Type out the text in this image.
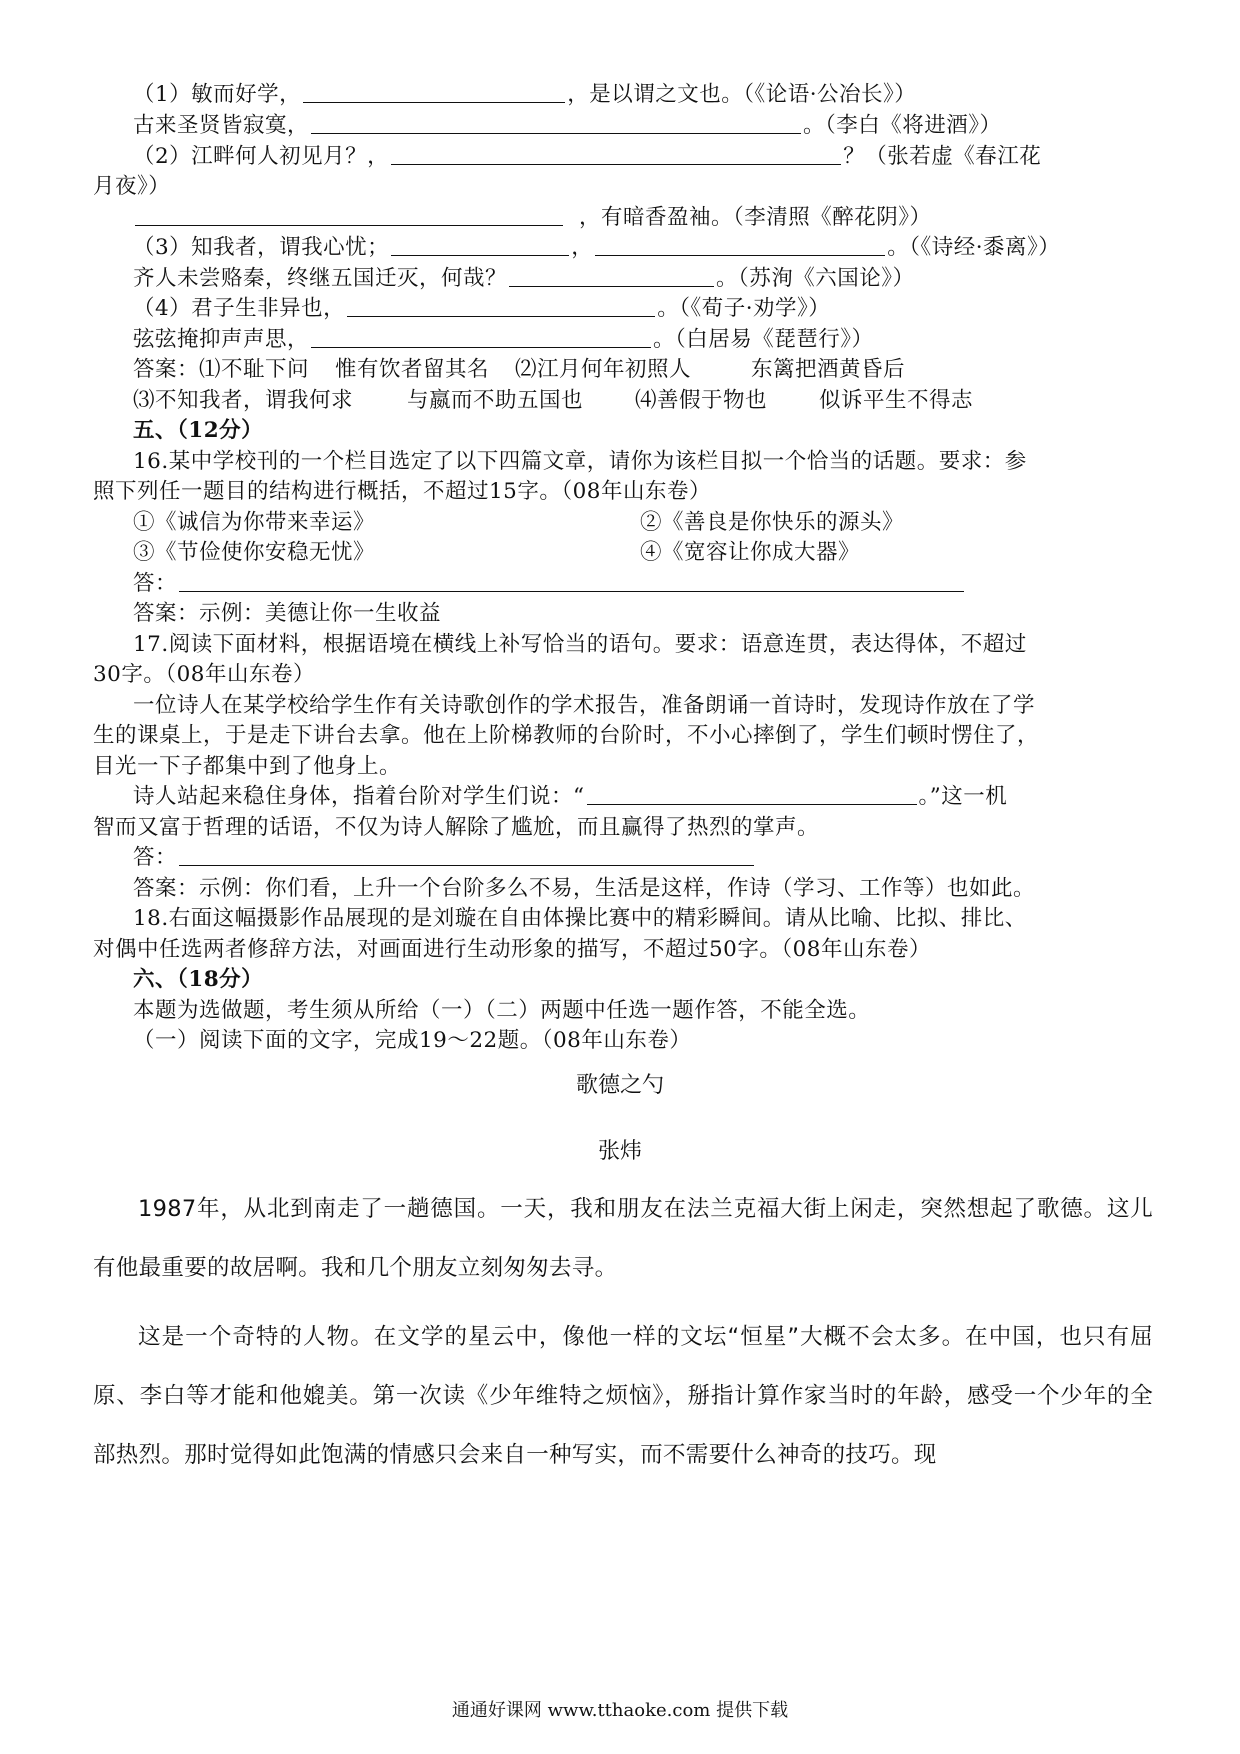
（1）敏而好学，	，是以谓之文也。（《论语·公冶长》）
古来圣贤皆寂寞，	。（李白《将进酒》）
（2）江畔何人初见月？，	？（张若虚《春江花
月夜》）
，有暗香盈袖。（李清照《醉花阴》）
（3）知我者，谓我心忧；	，	。（《诗经·黍离》）
齐人未尝赂秦，终继五国迁灭，何哉？	。（苏洵《六国论》）
（4）君子生非异也，	。（《荀子·劝学》）
弦弦掩抑声声思，	。（白居易《琵琶行》）
答案：⑴不耻下问 惟有饮者留其名 ⑵江月何年初照人	东篱把酒黄昏后
⑶不知我者，谓我何求	与嬴而不助五国也 ⑷善假于物也 似诉平生不得志
五、（12分）
16.某中学校刊的一个栏目选定了以下四篇文章，请你为该栏目拟一个恰当的话题。要求：参
照下列任一题目的结构进行概括，不超过15字。（08年山东卷）
①《诚信为你带来幸运》	②《善良是你快乐的源头》
③《节俭使你安稳无忧》	④《宽容让你成大器》
答：
答案：示例：美德让你一生收益
17.阅读下面材料，根据语境在横线上补写恰当的语句。要求：语意连贯，表达得体，不超过
30字。（08年山东卷）
一位诗人在某学校给学生作有关诗歌创作的学术报告，准备朗诵一首诗时，发现诗作放在了学
生的课桌上，于是走下讲台去拿。他在上阶梯教师的台阶时，不小心摔倒了，学生们顿时愣住了，
目光一下子都集中到了他身上。
诗人站起来稳住身体，指着台阶对学生们说：“	。”这一机
智而又富于哲理的话语，不仅为诗人解除了尴尬，而且赢得了热烈的掌声。
答：
答案：示例：你们看，上升一个台阶多么不易，生活是这样，作诗（学习、工作等）也如此。
18.右面这幅摄影作品展现的是刘璇在自由体操比赛中的精彩瞬间。请从比喻、比拟、排比、
对偶中任选两者修辞方法，对画面进行生动形象的描写，不超过50字。（08年山东卷）
六、（18分）
本题为选做题，考生须从所给（一）（二）两题中任选一题作答，不能全选。
（一）阅读下面的文字，完成19～22题。（08年山东卷）
歌德之勺
张炜
1987年，从北到南走了一趟德国。一天，我和朋友在法兰克福大街上闲走，突然想起了歌德。这儿有他最重要的故居啊。我和几个朋友立刻匆匆去寻。
这是一个奇特的人物。在文学的星云中，像他一样的文坛“恒星”大概不会太多。在中国，也只有屈原、李白等才能和他媲美。第一次读《少年维特之烦恼》，掰指计算作家当时的年龄，感受一个少年的全部热烈。那时觉得如此饱满的情感只会来自一种写实，而不需要什么神奇的技巧。现
通通好课网 www.tthaoke.com 提供下载
